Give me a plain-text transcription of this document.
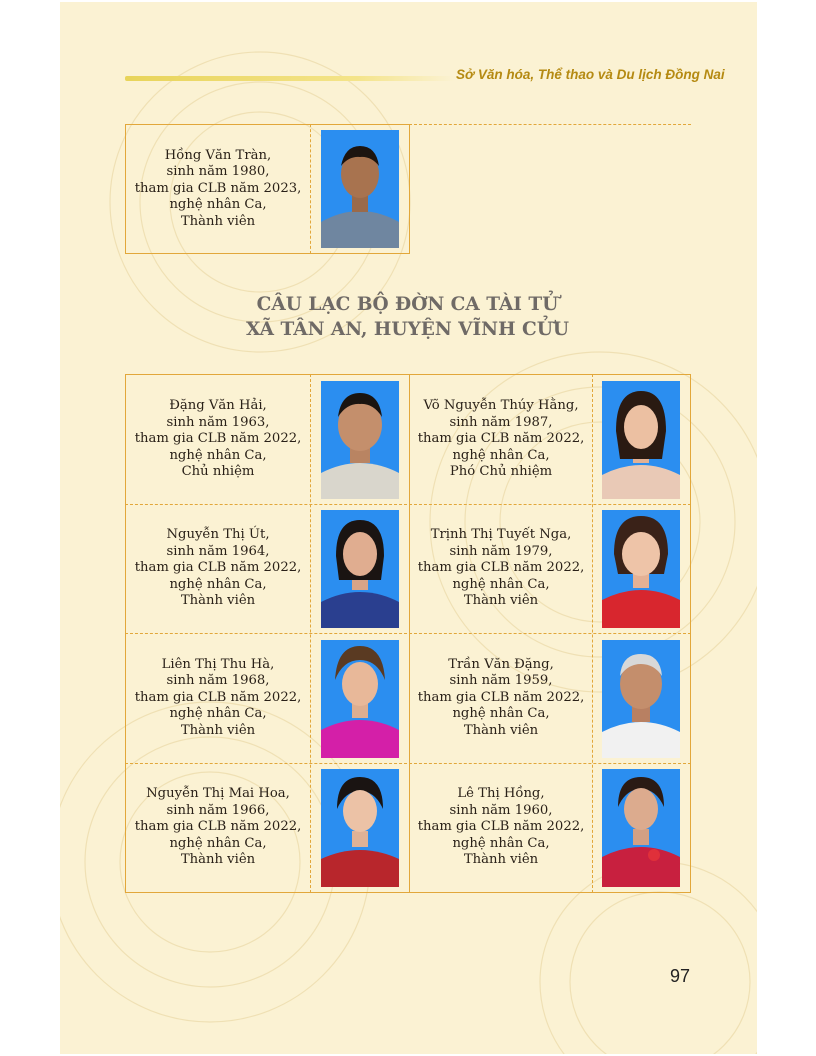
Sở Văn hóa, Thể thao và Du lịch Đồng Nai
Hồng Văn Tràn,
sinh năm 1980,
tham gia CLB năm 2023,
nghệ nhân Ca,
Thành viên
CÂU LẠC BỘ ĐỜN CA TÀI TỬ
XÃ TÂN AN, HUYỆN VĨNH CỬU
Đặng Văn Hải,
sinh năm 1963,
tham gia CLB năm 2022,
nghệ nhân Ca,
Chủ nhiệm
Võ Nguyễn Thúy Hằng,
sinh năm 1987,
tham gia CLB năm 2022,
nghệ nhân Ca,
Phó Chủ nhiệm
Nguyễn Thị Út,
sinh năm 1964,
tham gia CLB năm 2022,
nghệ nhân Ca,
Thành viên
Trịnh Thị Tuyết Nga,
sinh năm 1979,
tham gia CLB năm 2022,
nghệ nhân Ca,
Thành viên
Liên Thị Thu Hà,
sinh năm 1968,
tham gia CLB năm 2022,
nghệ nhân Ca,
Thành viên
Trần Văn Đặng,
sinh năm 1959,
tham gia CLB năm 2022,
nghệ nhân Ca,
Thành viên
Nguyễn Thị Mai Hoa,
sinh năm 1966,
tham gia CLB năm 2022,
nghệ nhân Ca,
Thành viên
Lê Thị Hồng,
sinh năm 1960,
tham gia CLB năm 2022,
nghệ nhân Ca,
Thành viên
97
